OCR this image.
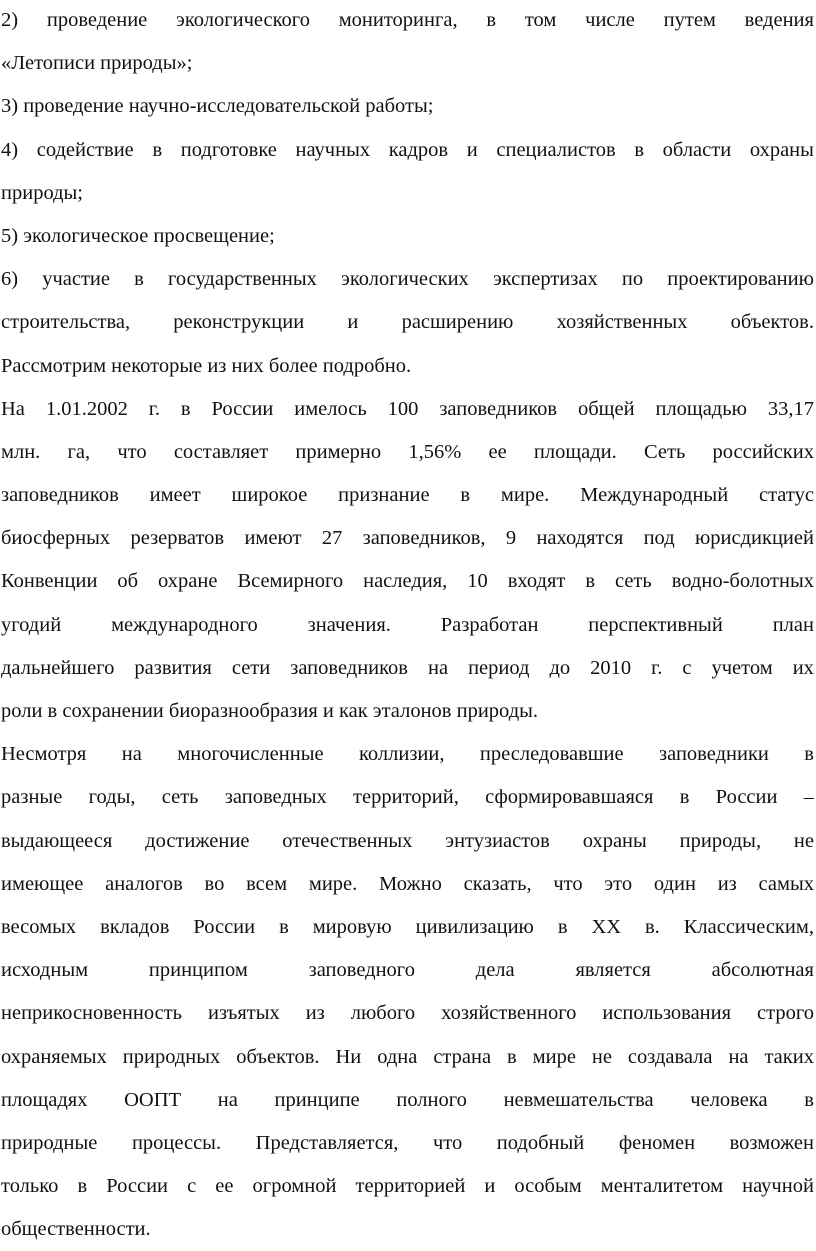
2) проведение экологического мониторинга, в том числе путем ведения
«Летописи природы»;
3) проведение научно-исследовательской работы;
4) содействие в подготовке научных кадров и специалистов в области охраны
природы;
5) экологическое просвещение;
6) участие в государственных экологических экспертизах по проектированию
строительства, реконструкции и расширению хозяйственных объектов.
Рассмотрим некоторые из них более подробно.
На 1.01.2002 г. в России имелось 100 заповедников общей площадью 33,17
млн. га, что составляет примерно 1,56% ее площади. Сеть российских
заповедников имеет широкое признание в мире. Международный статус
биосферных резерватов имеют 27 заповедников, 9 находятся под юрисдикцией
Конвенции об охране Всемирного наследия, 10 входят в сеть водно-болотных
угодий международного значения. Разработан перспективный план
дальнейшего развития сети заповедников на период до 2010 г. с учетом их
роли в сохранении биоразнообразия и как эталонов природы.
Несмотря на многочисленные коллизии, преследовавшие заповедники в
разные годы, сеть заповедных территорий, сформировавшаяся в России –
выдающееся достижение отечественных энтузиастов охраны природы, не
имеющее аналогов во всем мире. Можно сказать, что это один из самых
весомых вкладов России в мировую цивилизацию в XX в. Классическим,
исходным	принципом	заповедного	дела	является	абсолютная
неприкосновенность изъятых из любого хозяйственного использования строго
охраняемых природных объектов. Ни одна страна в мире не создавала на таких
площадях ООПТ на принципе полного невмешательства человека в
природные процессы. Представляется, что подобный феномен возможен
только в России с ее огромной территорией и особым менталитетом научной
общественности.
